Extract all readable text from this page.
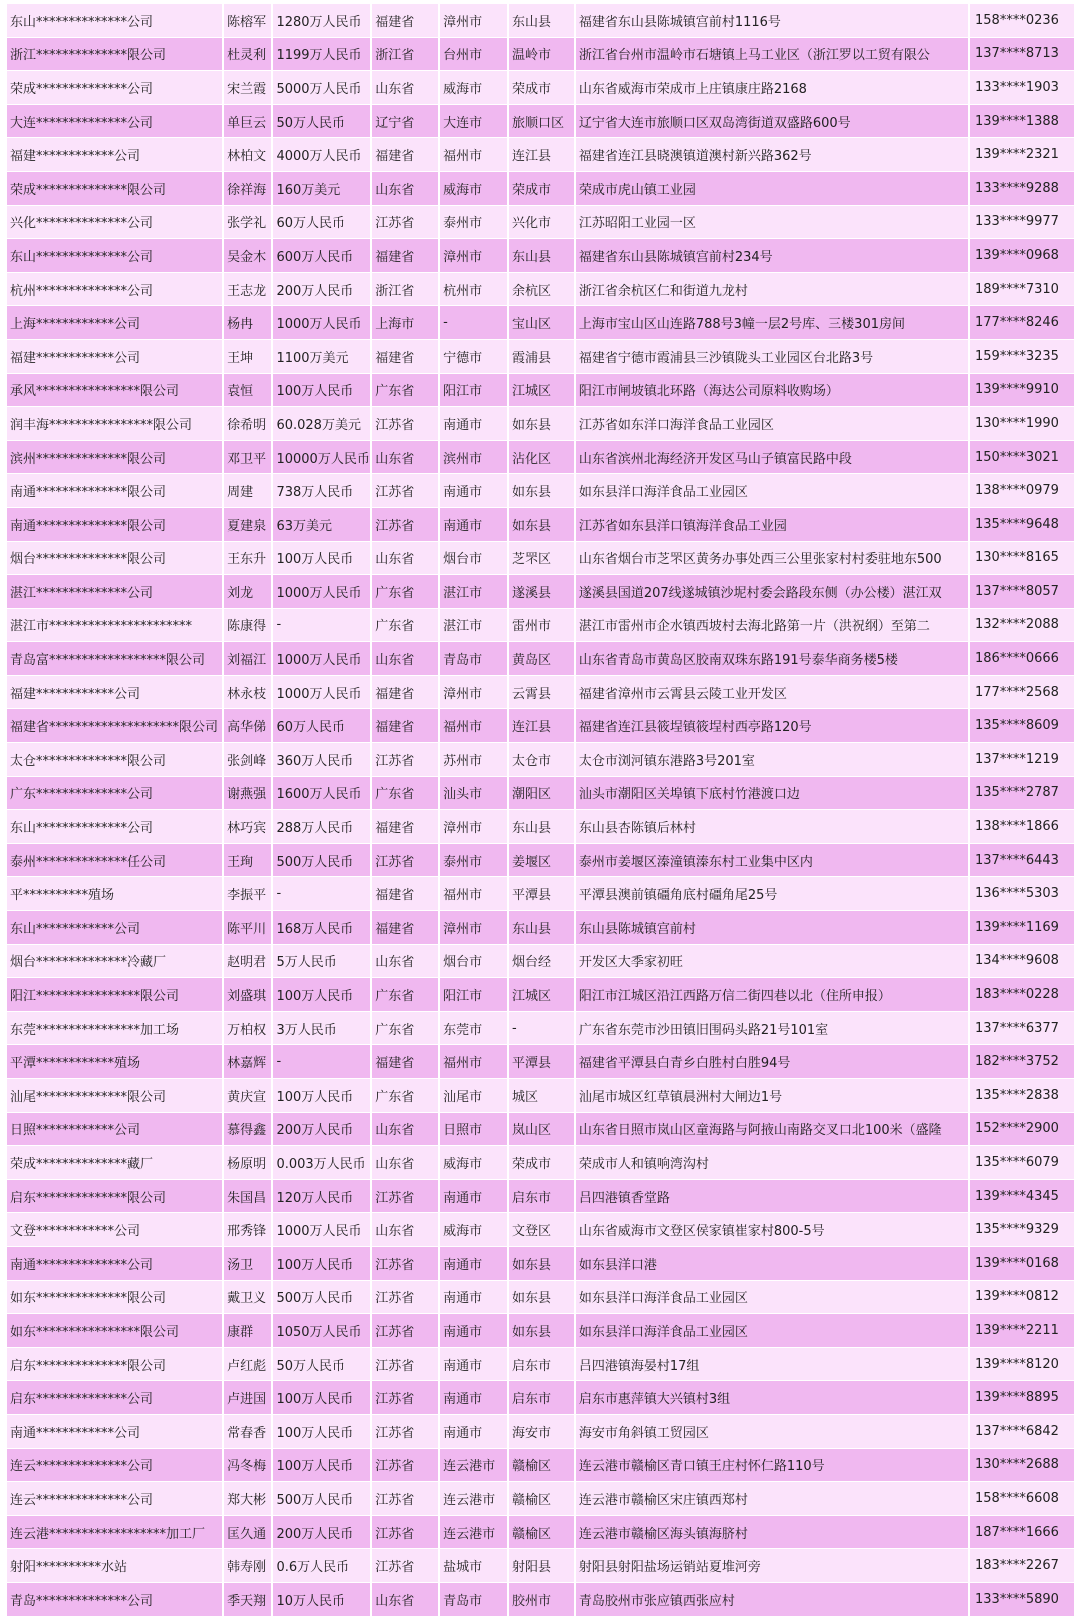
东山**************公司	陈榕军	1280万人民币	福建省	漳州市	东山县	福建省东山县陈城镇宫前村1116号	158****0236
浙江**************限公司	杜灵利	1199万人民币	浙江省	台州市	温岭市	浙江省台州市温岭市石塘镇上马工业区（浙江罗以工贸有限公	137****8713
荣成**************公司	宋兰霞	5000万人民币	山东省	威海市	荣成市	山东省威海市荣成市上庄镇康庄路2168	133****1903
大连**************公司	单巨云	50万人民币	辽宁省	大连市	旅顺口区	辽宁省大连市旅顺口区双岛湾街道双盛路600号	139****1388
福建************公司	林柏文	4000万人民币	福建省	福州市	连江县	福建省连江县晓澳镇道澳村新兴路362号	139****2321
荣成**************限公司	徐祥海	160万美元	山东省	威海市	荣成市	荣成市虎山镇工业园	133****9288
兴化**************公司	张学礼	60万人民币	江苏省	泰州市	兴化市	江苏昭阳工业园一区	133****9977
东山**************公司	吴金木	600万人民币	福建省	漳州市	东山县	福建省东山县陈城镇宫前村234号	139****0968
杭州**************公司	王志龙	200万人民币	浙江省	杭州市	余杭区	浙江省余杭区仁和街道九龙村	189****7310
上海************公司	杨冉	1000万人民币	上海市	-	宝山区	上海市宝山区山连路788号3幢一层2号库、三楼301房间	177****8246
福建************公司	王坤	1100万美元	福建省	宁德市	霞浦县	福建省宁德市霞浦县三沙镇陇头工业园区台北路3号	159****3235
承风****************限公司	袁恒	100万人民币	广东省	阳江市	江城区	阳江市闸坡镇北环路（海达公司原料收购场）	139****9910
润丰海****************限公司	徐希明	60.028万美元	江苏省	南通市	如东县	江苏省如东洋口海洋食品工业园区	130****1990
滨州**************限公司	邓卫平	10000万人民币	山东省	滨州市	沾化区	山东省滨州北海经济开发区马山子镇富民路中段	150****3021
南通**************限公司	周建	738万人民币	江苏省	南通市	如东县	如东县洋口海洋食品工业园区	138****0979
南通**************限公司	夏建泉	63万美元	江苏省	南通市	如东县	江苏省如东县洋口镇海洋食品工业园	135****9648
烟台**************限公司	王东升	100万人民币	山东省	烟台市	芝罘区	山东省烟台市芝罘区黄务办事处西三公里张家村村委驻地东500	130****8165
湛江**************公司	刘龙	1000万人民币	广东省	湛江市	遂溪县	遂溪县国道207线遂城镇沙坭村委会路段东侧（办公楼）湛江双	137****8057
湛江市**********************	陈康得	-	广东省	湛江市	雷州市	湛江市雷州市企水镇西坡村去海北路第一片（洪祝纲）至第二	132****2088
青岛富******************限公司	刘福江	1000万人民币	山东省	青岛市	黄岛区	山东省青岛市黄岛区胶南双珠东路191号泰华商务楼5楼	186****0666
福建************公司	林永枝	1000万人民币	福建省	漳州市	云霄县	福建省漳州市云霄县云陵工业开发区	177****2568
福建省********************限公司	高华俤	60万人民币	福建省	福州市	连江县	福建省连江县筱埕镇筱埕村西亭路120号	135****8609
太仓**************限公司	张剑峰	360万人民币	江苏省	苏州市	太仓市	太仓市浏河镇东港路3号201室	137****1219
广东**************公司	谢燕强	1600万人民币	广东省	汕头市	潮阳区	汕头市潮阳区关埠镇下底村竹港渡口边	135****2787
东山**************公司	林巧宾	288万人民币	福建省	漳州市	东山县	东山县杏陈镇后林村	138****1866
泰州**************任公司	王珣	500万人民币	江苏省	泰州市	姜堰区	泰州市姜堰区溱潼镇溱东村工业集中区内	137****6443
平**********殖场	李振平	-	福建省	福州市	平潭县	平潭县澳前镇礓角底村礓角尾25号	136****5303
东山************公司	陈平川	168万人民币	福建省	漳州市	东山县	东山县陈城镇宫前村	139****1169
烟台**************冷藏厂	赵明君	5万人民币	山东省	烟台市	烟台经	开发区大季家初旺	134****9608
阳江****************限公司	刘盛琪	100万人民币	广东省	阳江市	江城区	阳江市江城区沿江西路万信二街四巷以北（住所申报）	183****0228
东莞****************加工场	万柏权	3万人民币	广东省	东莞市	-	广东省东莞市沙田镇旧围码头路21号101室	137****6377
平潭************殖场	林嘉辉	-	福建省	福州市	平潭县	福建省平潭县白青乡白胜村白胜94号	182****3752
汕尾**************限公司	黄庆宣	100万人民币	广东省	汕尾市	城区	汕尾市城区红草镇晨洲村大闸边1号	135****2838
日照************公司	慕得鑫	200万人民币	山东省	日照市	岚山区	山东省日照市岚山区童海路与阿掖山南路交叉口北100米（盛隆	152****2900
荣成**************藏厂	杨原明	0.003万人民币	山东省	威海市	荣成市	荣成市人和镇响湾沟村	135****6079
启东**************限公司	朱国昌	120万人民币	江苏省	南通市	启东市	吕四港镇香堂路	139****4345
文登************公司	邢秀锋	1000万人民币	山东省	威海市	文登区	山东省威海市文登区侯家镇崔家村800-5号	135****9329
南通**************公司	汤卫	100万人民币	江苏省	南通市	如东县	如东县洋口港	139****0168
如东**************限公司	戴卫义	500万人民币	江苏省	南通市	如东县	如东县洋口海洋食品工业园区	139****0812
如东****************限公司	康群	1050万人民币	江苏省	南通市	如东县	如东县洋口海洋食品工业园区	139****2211
启东**************限公司	卢红彪	50万人民币	江苏省	南通市	启东市	吕四港镇海晏村17组	139****8120
启东**************公司	卢进国	100万人民币	江苏省	南通市	启东市	启东市惠萍镇大兴镇村3组	139****8895
南通************公司	常春香	100万人民币	江苏省	南通市	海安市	海安市角斜镇工贸园区	137****6842
连云**************公司	冯冬梅	100万人民币	江苏省	连云港市	赣榆区	连云港市赣榆区青口镇王庄村怀仁路110号	130****2688
连云**************公司	郑大彬	500万人民币	江苏省	连云港市	赣榆区	连云港市赣榆区宋庄镇西郑村	158****6608
连云港******************加工厂	匡久通	200万人民币	江苏省	连云港市	赣榆区	连云港市赣榆区海头镇海脐村	187****1666
射阳**********水站	韩寿刚	0.6万人民币	江苏省	盐城市	射阳县	射阳县射阳盐场运销站夏堆河旁	183****2267
青岛**************公司	季天翔	10万人民币	山东省	青岛市	胶州市	青岛胶州市张应镇西张应村	133****5890
